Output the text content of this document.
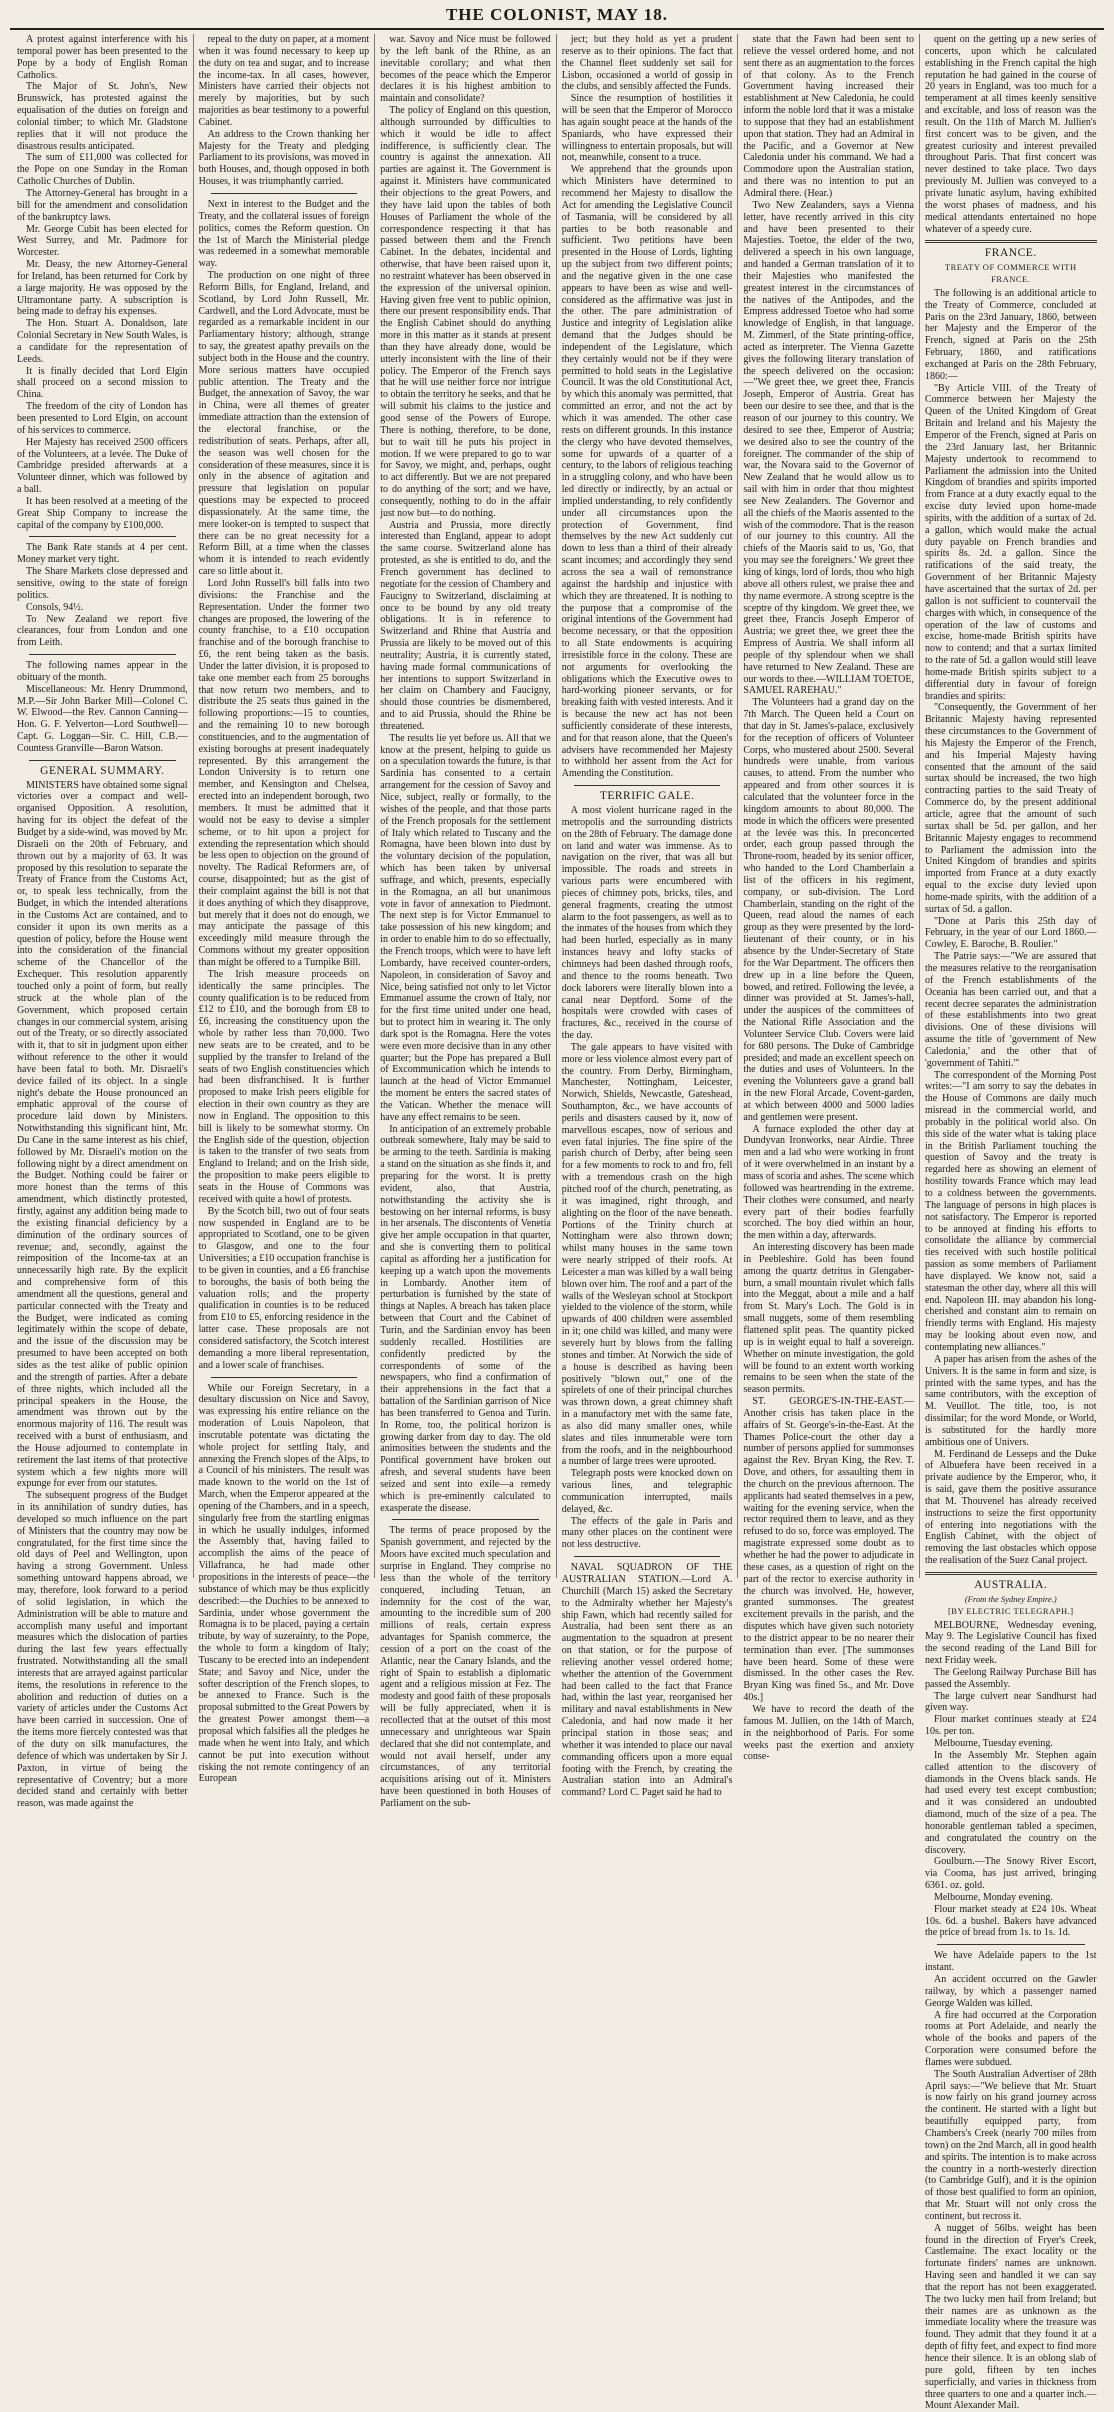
THE COLONIST, MAY 18.

A protest against interference with his temporal power has been presented to the Pope by a body of English Roman Catholics.

The Major of St. John's, New Brunswick, has protested against the equalisation of the duties on foreign and colonial timber; to which Mr. Gladstone replies that it will not produce the disastrous results anticipated.

The sum of £11,000 was collected for the Pope on one Sunday in the Roman Catholic Churches of Dublin.

The Attorney-General has brought in a bill for the amendment and consolidation of the bankruptcy laws.

Mr. George Cubit has been elected for West Surrey, and Mr. Padmore for Worcester.

Mr. Deasy, the new Attorney-General for Ireland, has been returned for Cork by a large majority. He was opposed by the Ultramontane party. A subscription is being made to defray his expenses.

The Hon. Stuart A. Donaldson, late Colonial Secretary in New South Wales, is a candidate for the representation of Leeds.

It is finally decided that Lord Elgin shall proceed on a second mission to China.

The freedom of the city of London has been presented to Lord Elgin, on account of his services to commerce.

Her Majesty has received 2500 officers of the Volunteers, at a levée. The Duke of Cambridge presided afterwards at a Volunteer dinner, which was followed by a ball.

It has been resolved at a meeting of the Great Ship Company to increase the capital of the company by £100,000.

The Bank Rate stands at 4 per cent. Money market very tight.

The Share Markets close depressed and sensitive, owing to the state of foreign politics.

Consols, 94½.

To New Zealand we report five clearances, four from London and one from Leith.

The following names appear in the obituary of the month.

Miscellaneous: Mr. Henry Drummond, M.P.—Sir John Barker Mill—Colonel C. W. Elwood—the Rev. Cannon Canning—Hon. G. F. Yelverton—Lord Southwell—Capt. G. Loggan—Sir. C. Hill, C.B.—Countess Granville—Baron Watson.

GENERAL SUMMARY.

MINISTERS have obtained some signal victories over a compact and well-organised Opposition. A resolution, having for its object the defeat of the Budget by a side-wind, was moved by Mr. Disraeli on the 20th of February, and thrown out by a majority of 63. It was proposed by this resolution to separate the Treaty of France from the Customs Act, or, to speak less technically, from the Budget, in which the intended alterations in the Customs Act are contained, and to consider it upon its own merits as a question of policy, before the House went into the consideration of the financial scheme of the Chancellor of the Exchequer. This resolution apparently touched only a point of form, but really struck at the whole plan of the Government, which proposed certain changes in our commercial system, arising out of the Treaty, or so directly associated with it, that to sit in judgment upon either without reference to the other it would have been fatal to both. Mr. Disraeli's device failed of its object. In a single night's debate the House pronounced an emphatic approval of the course of procedure laid down by Ministers. Notwithstanding this significant hint, Mr. Du Cane in the same interest as his chief, followed by Mr. Disraeli's motion on the following night by a direct amendment on the Budget. Nothing could be fairer or more honest than the terms of this amendment, which distinctly protested, firstly, against any addition being made to the existing financial deficiency by a diminution of the ordinary sources of revenue; and, secondly, against the reimposition of the Income-tax at an unnecessarily high rate. By the explicit and comprehensive form of this amendment all the questions, general and particular connected with the Treaty and the Budget, were indicated as coming legitimately within the scope of debate, and the issue of the discussion may be presumed to have been accepted on both sides as the test alike of public opinion and the strength of parties. After a debate of three nights, which included all the principal speakers in the House, the amendment was thrown out by the enormous majority of 116. The result was received with a burst of enthusiasm, and the House adjourned to contemplate in retirement the last items of that protective system which a few nights more will expunge for ever from our statutes.

The subsequent progress of the Budget in its annihilation of sundry duties, has developed so much influence on the part of Ministers that the country may now be congratulated, for the first time since the old days of Peel and Wellington, upon having a strong Government. Unless something untoward happens abroad, we may, therefore, look forward to a period of solid legislation, in which the Administration will be able to mature and accomplish many useful and important measures which the dislocation of parties during the last few years effectually frustrated. Notwithstanding all the small interests that are arrayed against particular items, the resolutions in reference to the abolition and reduction of duties on a variety of articles under the Customs Act have been carried in succession. One of the items more fiercely contested was that of the duty on silk manufactures, the defence of which was undertaken by Sir J. Paxton, in virtue of being the representative of Coventry; but a more decided stand and certainly with better reason, was made against the

repeal to the duty on paper, at a moment when it was found necessary to keep up the duty on tea and sugar, and to increase the income-tax. In all cases, however, Ministers have carried their objects not merely by majorities, but by such majorities as bear testimony to a powerful Cabinet.

An address to the Crown thanking her Majesty for the Treaty and pledging Parliament to its provisions, was moved in both Houses, and, though opposed in both Houses, it was triumphantly carried.

Next in interest to the Budget and the Treaty, and the collateral issues of foreign politics, comes the Reform question. On the 1st of March the Ministerial pledge was redeemed in a somewhat memorable way.

The production on one night of three Reform Bills, for England, Ireland, and Scotland, by Lord John Russell, Mr. Cardwell, and the Lord Advocate, must be regarded as a remarkable incident in our Parliamentary history; although, strange to say, the greatest apathy prevails on the subject both in the House and the country. More serious matters have occupied public attention. The Treaty and the Budget, the annexation of Savoy, the war in China, were all themes of greater immediate attraction than the extension of the electoral franchise, or the redistribution of seats. Perhaps, after all, the season was well chosen for the consideration of these measures, since it is only in the absence of agitation and pressure that legislation on popular questions may be expected to proceed dispassionately. At the same time, the mere looker-on is tempted to suspect that there can be no great necessity for a Reform Bill, at a time when the classes whom it is intended to reach evidently care so little about it.

Lord John Russell's bill falls into two divisions: the Franchise and the Representation. Under the former two changes are proposed, the lowering of the county franchise, to a £10 occupation franchise and of the borough franchise to £6, the rent being taken as the basis. Under the latter division, it is proposed to take one member each from 25 boroughs that now return two members, and to distribute the 25 seats thus gained in the following proportions:—15 to counties, and the remaining 10 to new borough constituencies, and to the augmentation of existing boroughs at present inadequately represented. By this arrangement the London University is to return one member, and Kensington and Chelsea, erected into an independent borough, two members. It must be admitted that it would not be easy to devise a simpler scheme, or to hit upon a project for extending the representation which should be less open to objection on the ground of novelty. The Radical Reformers are, of course, disappointed; but as the gist of their complaint against the bill is not that it does anything of which they disapprove, but merely that it does not do enough, we may anticipate the passage of this exceedingly mild measure through the Commons without my greater opposition than might be offered to a Turnpike Bill.

The Irish measure proceeds on identically the same principles. The county qualification is to be reduced from £12 to £10, and the borough from £8 to £6, increasing the constituency upon the whole by rather less than 70,000. Two new seats are to be created, and to be supplied by the transfer to Ireland of the seats of two English constituencies which had been disfranchised. It is further proposed to make Irish peers eligible for election in their own country as they are now in England. The opposition to this bill is likely to be somewhat stormy. On the English side of the question, objection is taken to the transfer of two seats from England to Ireland; and on the Irish side, the proposition to make peers eligible to seats in the House of Commons was received with quite a howl of protests.

By the Scotch bill, two out of four seats now suspended in England are to be appropriated to Scotland, one to be given to Glasgow, and one to the four Universities; a £10 occupation franchise is to be given in counties, and a £6 franchise to boroughs, the basis of both being the valuation rolls; and the property qualification in counties is to be reduced from £10 to £5, enforcing residence in the latter case. These proposals are not considered satisfactory, the Scotch interest demanding a more liberal representation, and a lower scale of franchises.

While our Foreign Secretary, in a desultary discussion on Nice and Savoy, was expressing his entire reliance on the moderation of Louis Napoleon, that inscrutable potentate was dictating the whole project for settling Italy, and annexing the French slopes of the Alps, to a Council of his ministers. The result was made known to the world on the 1st of March, when the Emperor appeared at the opening of the Chambers, and in a speech, singularly free from the startling enigmas in which he usually indulges, informed the Assembly that, having failed to accomplish the aims of the peace of Villafranca, he had made other propositions in the interests of peace—the substance of which may be thus explicitly described:—the Duchies to be annexed to Sardinia, under whose government the Romagna is to be placed, paying a certain tribute, by way of suzerainty, to the Pope, the whole to form a kingdom of Italy; Tuscany to be erected into an independent State; and Savoy and Nice, under the softer description of the French slopes, to be annexed to France. Such is the proposal submitted to the Great Powers by the greatest Power amongst them—a proposal which falsifies all the pledges he made when he went into Italy, and which cannot be put into execution without risking the not remote contingency of an European

war. Savoy and Nice must be followed by the left bank of the Rhine, as an inevitable corollary; and what then becomes of the peace which the Emperor declares it is his highest ambition to maintain and consolidate?

The policy of England on this question, although surrounded by difficulties to which it would be idle to affect indifference, is sufficiently clear. The country is against the annexation. All parties are against it. The Government is against it. Ministers have communicated their objections to the great Powers, and they have laid upon the tables of both Houses of Parliament the whole of the correspondence respecting it that has passed between them and the French Cabinet. In the debates, incidental and otherwise, that have been raised upon it, no restraint whatever has been observed in the expression of the universal opinion. Having given free vent to public opinion, there our present responsibility ends. That the English Cabinet should do anything more in this matter as it stands at present than they have already done, would be utterly inconsistent with the line of their policy. The Emperor of the French says that he will use neither force nor intrigue to obtain the territory he seeks, and that he will submit his claims to the justice and good sense of the Powers of Europe. There is nothing, therefore, to be done, but to wait till he puts his project in motion. If we were prepared to go to war for Savoy, we might, and, perhaps, ought to act differently. But we are not prepared to do anything of the sort; and we have, consequently, nothing to do in the affair just now but—to do nothing.

Austria and Prussia, more directly interested than England, appear to adopt the same course. Switzerland alone has protested, as she is entitled to do, and the French government has declined to negotiate for the cession of Chambery and Faucigny to Switzerland, disclaiming at once to be bound by any old treaty obligations. It is in reference to Switzerland and Rhine that Austria and Prussia are likely to be moved out of this neutrality; Austria, it is currently stated, having made formal communications of her intentions to support Switzerland in her claim on Chambery and Faucigny, should those countries be dismembered, and to aid Prussia, should the Rhine be threatened.

The results lie yet before us. All that we know at the present, helping to guide us on a speculation towards the future, is that Sardinia has consented to a certain arrangement for the cession of Savoy and Nice, subject, really or formally, to the wishes of the people, and that those parts of the French proposals for the settlement of Italy which related to Tuscany and the Romagna, have been blown into dust by the voluntary decision of the population, which has been taken by universal suffrage, and which, presents, especially in the Romagna, an all but unanimous vote in favor of annexation to Piedmont. The next step is for Victor Emmanuel to take possession of his new kingdom; and in order to enable him to do so effectually, the French troops, which were to have left Lombardy, have received counter-orders, Napoleon, in consideration of Savoy and Nice, being satisfied not only to let Victor Emmanuel assume the crown of Italy, nor for the first time united under one head, but to protect him in wearing it. The only dark spot is the Romagna. Here the votes were even more decisive than in any other quarter; but the Pope has prepared a Bull of Excommunication which he intends to launch at the head of Victor Emmanuel the moment he enters the sacred states of the Vatican. Whether the menace will have any effect remains to be seen.

In anticipation of an extremely probable outbreak somewhere, Italy may be said to be arming to the teeth. Sardinia is making a stand on the situation as she finds it, and preparing for the worst. It is pretty evident, also, that Austria, notwithstanding the activity she is bestowing on her internal reforms, is busy in her arsenals. The discontents of Venetia give her ample occupation in that quarter, and she is converting them to political capital as affording her a justification for keeping up a watch upon the movements in Lombardy. Another item of perturbation is furnished by the state of things at Naples. A breach has taken place between that Court and the Cabinet of Turin, and the Sardinian envoy has been suddenly recalled. Hostilities are confidently predicted by the correspondents of some of the newspapers, who find a confirmation of their apprehensions in the fact that a battalion of the Sardinian garrison of Nice has been transferred to Genoa and Turin. In Rome, too, the political horizon is growing darker from day to day. The old animosities between the students and the Pontifical government have broken out afresh, and several students have been seized and sent into exile—a remedy which is pre-eminently calculated to exasperate the disease.

The terms of peace proposed by the Spanish government, and rejected by the Moors have excited much speculation and surprise in England. They comprise no less than the whole of the territory conquered, including Tetuan, an indemnity for the cost of the war, amounting to the incredible sum of 200 millions of reals, certain express advantages for Spanish commerce, the cession of a port on the coast of the Atlantic, near the Canary Islands, and the right of Spain to establish a diplomatic agent and a religious mission at Fez. The modesty and good faith of these proposals will be fully appreciated, when it is recollected that at the outset of this most unnecessary and unrighteous war Spain declared that she did not contemplate, and would not avail herself, under any circumstances, of any territorial acquisitions arising out of it. Ministers have been questioned in both Houses of Parliament on the sub-

ject; but they hold as yet a prudent reserve as to their opinions. The fact that the Channel fleet suddenly set sail for Lisbon, occasioned a world of gossip in the clubs, and sensibly affected the Funds.

Since the resumption of hostilities it will be seen that the Emperor of Morocco has again sought peace at the hands of the Spaniards, who have expressed their willingness to entertain proposals, but will not, meanwhile, consent to a truce.

We apprehend that the grounds upon which Ministers have determined to recommend her Majesty to disallow the Act for amending the Legislative Council of Tasmania, will be considered by all parties to be both reasonable and sufficient. Two petitions have been presented in the House of Lords, lighting up the subject from two different points; and the negative given in the one case appears to have been as wise and well-considered as the affirmative was just in the other. The pare administration of Justice and integrity of Legislation alike demand that the Judges should be independent of the Legislature, which they certainly would not be if they were permitted to hold seats in the Legislative Council. It was the old Constitutional Act, by which this anomaly was permitted, that committed an error, and not the act by which it was amended. The other case rests on different grounds. In this instance the clergy who have devoted themselves, some for upwards of a quarter of a century, to the labors of religious teaching in a struggling colony, and who have been led directly or indirectly, by an actual or implied understanding, to rely confidently under all circumstances upon the protection of Government, find themselves by the new Act suddenly cut down to less than a third of their already scant incomes; and accordingly they send across the sea a wail of remonstrance against the hardship and injustice with which they are threatened. It is nothing to the purpose that a compromise of the original intentions of the Government had become necessary, or that the opposition to all State endowments is acquiring irresistible force in the colony. These are not arguments for overlooking the obligations which the Executive owes to hard-working pioneer servants, or for breaking faith with vested interests. And it is because the new act has not been sufficiently considerate of these interests, and for that reason alone, that the Queen's advisers have recommended her Majesty to withhold her assent from the Act for Amending the Constitution.

TERRIFIC GALE.

A most violent hurricane raged in the metropolis and the surrounding districts on the 28th of February. The damage done on land and water was immense. As to navigation on the river, that was all but impossible. The roads and streets in various parts were encumbered with pieces of chimney pots, bricks, tiles, and general fragments, creating the utmost alarm to the foot passengers, as well as to the inmates of the houses from which they had been hurled, especially as in many instances heavy and lofty stacks of chimneys had been dashed through roofs, and thence to the rooms beneath. Two dock laborers were literally blown into a canal near Deptford. Some of the hospitals were crowded with cases of fractures, &c., received in the course of the day.

The gale appears to have visited with more or less violence almost every part of the country. From Derby, Birmingham, Manchester, Nottingham, Leicester, Norwich, Shields, Newcastle, Gateshead, Southampton, &c., we have accounts of perils and disasters caused by it, now of marvellous escapes, now of serious and even fatal injuries. The fine spire of the parish church of Derby, after being seen for a few moments to rock to and fro, fell with a tremendous crash on the high pitched roof of the church, penetrating, as it was imagined, right through, and alighting on the floor of the nave beneath. Portions of the Trinity church at Nottingham were also thrown down; whilst many houses in the same town were nearly stripped of their roofs. At Leicester a man was killed by a wall being blown over him. The roof and a part of the walls of the Wesleyan school at Stockport yielded to the violence of the storm, while upwards of 400 children were assembled in it; one child was killed, and many were severely hurt by blows from the falling stones and timber. At Norwich the side of a house is described as having been positively "blown out," one of the spirelets of one of their principal churches was thrown down, a great chimney shaft in a manufactory met with the same fate, as also did many smaller ones, while slates and tiles innumerable were torn from the roofs, and in the neighbourhood a number of large trees were uprooted.

Telegraph posts were knocked down on various lines, and telegraphic communication interrupted, mails delayed, &c.

The effects of the gale in Paris and many other places on the continent were not less destructive.

NAVAL SQUADRON OF THE AUSTRALIAN STATION.—Lord A. Churchill (March 15) asked the Secretary to the Admiralty whether her Majesty's ship Fawn, which had recently sailed for Australia, had been sent there as an augmentation to the squadron at present on that station, or for the purpose of relieving another vessel ordered home; whether the attention of the Government had been called to the fact that France had, within the last year, reorganised her military and naval establishments in New Caledonia, and had now made it her principal station in those seas; and whether it was intended to place our naval commanding officers upon a more equal footing with the French, by creating the Australian station into an Admiral's command? Lord C. Paget said he had to

state that the Fawn had been sent to relieve the vessel ordered home, and not sent there as an augmentation to the forces of that colony. As to the French Government having increased their establishment at New Caledonia, he could inform the noble lord that it was a mistake to suppose that they had an establishment upon that station. They had an Admiral in the Pacific, and a Governor at New Caledonia under his command. We had a Commodore upon the Australian station, and there was no intention to put an Admiral there. (Hear.)

Two New Zealanders, says a Vienna letter, have recently arrived in this city and have been presented to their Majesties. Toetoe, the elder of the two, delivered a speech in his own language, and handed a German translation of it to their Majesties who manifested the greatest interest in the circumstances of the natives of the Antipodes, and the Empress addressed Toetoe who had some knowledge of English, in that language. M. Zimmerl, of the State printing-office, acted as interpreter. The Vienna Gazette gives the following literary translation of the speech delivered on the occasion:—"We greet thee, we greet thee, Francis Joseph, Emperor of Austria. Great has been our desire to see thee, and that is the reason of our journey to this country. We desired to see thee, Emperor of Austria; we desired also to see the country of the foreigner. The commander of the ship of war, the Novara said to the Governor of New Zealand that he would allow us to sail with him in order that thou mightest see New Zealanders. The Governor and all the chiefs of the Maoris assented to the wish of the commodore. That is the reason of our journey to this country. All the chiefs of the Maoris said to us, 'Go, that you may see the foreigners.' We greet thee king of kings, lord of lords, thou who high above all others rulest, we praise thee and thy name evermore. A strong sceptre is the sceptre of thy kingdom. We greet thee, we greet thee, Francis Joseph Emperor of Austria; we greet thee, we greet thee the Empress of Austria. We shall inform all people of thy splendour when we shall have returned to New Zealand. These are our words to thee.—WILLIAM TOETOE, SAMUEL RAREHAU."

The Volunteers had a grand day on the 7th March. The Queen held a Court on that day in St. James's-palace, exclusively for the reception of officers of Volunteer Corps, who mustered about 2500. Several hundreds were unable, from various causes, to attend. From the number who appeared and from other sources it is calculated that the volunteer force in the kingdom amounts to about 80,000. The mode in which the officers were presented at the levée was this. In preconcerted order, each group passed through the Throne-room, headed by its senior officer, who handed to the Lord Chamberlain a list of the officers in his regiment, company, or sub-division. The Lord Chamberlain, standing on the right of the Queen, read aloud the names of each group as they were presented by the lord-lieutenant of their county, or in his absence by the Under-Secretary of State for the War Department. The officers then drew up in a line before the Queen, bowed, and retired. Following the levée, a dinner was provided at St. James's-hall, under the auspices of the committees of the National Rifle Association and the Volunteer Service Club. Covers were laid for 680 persons. The Duke of Cambridge presided; and made an excellent speech on the duties and uses of Volunteers. In the evening the Volunteers gave a grand ball in the new Floral Arcade, Covent-garden, at which between 4000 and 5000 ladies and gentlemen were present.

A furnace exploded the other day at Dundyvan Ironworks, near Airdie. Three men and a lad who were working in front of it were overwhelmed in an instant by a mass of scoria and ashes. The scene which followed was heartrending in the extreme. Their clothes were consumed, and nearly every part of their bodies fearfully scorched. The boy died within an hour, the men within a day, afterwards.

An interesting discovery has been made in Peebleshire. Gold has been found among the quartz detritus in Glengaber-burn, a small mountain rivulet which falls into the Meggat, about a mile and a half from St. Mary's Loch. The Gold is in small nuggets, some of them resembling flattened split peas. The quantity picked up is in weight equal to half a sovereign. Whether on minute investigation, the gold will be found to an extent worth working remains to be seen when the state of the season permits.

ST. GEORGE'S-IN-THE-EAST.—Another crisis has taken place in the affairs of St. George's-in-the-East. At the Thames Police-court the other day a number of persons applied for summonses against the Rev. Bryan King, the Rev. T. Dove, and others, for assaulting them in the church on the previous afternoon. The applicants had seated themselves in a pew, waiting for the evening service, when the rector required them to leave, and as they refused to do so, force was employed. The magistrate expressed some doubt as to whether he had the power to adjudicate in these cases, as a question of right on the part of the rector to exercise authority in the church was involved. He, however, granted summonses. The greatest excitement prevails in the parish, and the disputes which have given such notoriety to the district appear to be no nearer their termination than ever. [The summonses have been heard. Some of these were dismissed. In the other cases the Rev. Bryan King was fined 5s., and Mr. Dove 40s.]

We have to record the death of the famous M. Jullien, on the 14th of March, in the neighborhood of Paris. For some weeks past the exertion and anxiety conse-

quent on the getting up a new series of concerts, upon which he calculated establishing in the French capital the high reputation he had gained in the course of 20 years in England, was too much for a temperament at all times keenly sensitive and excitable, and loss of reason was the result. On the 11th of March M. Jullien's first concert was to be given, and the greatest curiosity and interest prevailed throughout Paris. That first concert was never destined to take place. Two days previously M. Jullien was conveyed to a private lunatic asylum, having exhibited the worst phases of madness, and his medical attendants entertained no hope whatever of a speedy cure.

FRANCE.
TREATY OF COMMERCE WITH FRANCE.

The following is an additional article to the Treaty of Commerce, concluded at Paris on the 23rd January, 1860, between her Majesty and the Emperor of the French, signed at Paris on the 25th February, 1860, and ratifications exchanged at Paris on the 28th February, 1860:—

"By Article VIII. of the Treaty of Commerce between her Majesty the Queen of the United Kingdom of Great Britain and Ireland and his Majesty the Emperor of the French, signed at Paris on the 23rd January last, her Britannic Majesty undertook to recommend to Parliament the admission into the United Kingdom of brandies and spirits imported from France at a duty exactly equal to the excise duty levied upon home-made spirits, with the addition of a surtax of 2d. a gallon, which would make the actual duty payable on French brandies and spirits 8s. 2d. a gallon. Since the ratifications of the said treaty, the Government of her Britannic Majesty have ascertained that the surtax of 2d. per gallon is not sufficient to countervail the charges with which, in consequence of the operation of the law of customs and excise, home-made British spirits have now to contend; and that a surtax limited to the rate of 5d. a gallon would still leave home-made British spirits subject to a differential duty in favour of foreign brandies and spirits:

"Consequently, the Government of her Britannic Majesty having represented these circumstances to the Government of his Majesty the Emperor of the French, and his Imperial Majesty having consented that the amount of the said surtax should be increased, the two high contracting parties to the said Treaty of Commerce do, by the present additional article, agree that the amount of such surtax shall be 5d. per gallon, and her Britannic Majesty engages to recommend to Parliament the admission into the United Kingdom of brandies and spirits imported from France at a duty exactly equal to the excise duty levied upon home-made spirits, with the addition of a surtax of 5d. a gallon.

"Done at Paris this 25th day of February, in the year of our Lord 1860.—Cowley, E. Baroche, B. Roulier."

The Patrie says:—"We are assured that the measures relative to the reorganisation of the French establishments of the Oceania has been carried out, and that a recent decree separates the administration of these establishments into two great divisions. One of these divisions will assume the title of 'government of New Caledonia,' and the other that of 'government of Tahiti.'"

The correspondent of the Morning Post writes:—"I am sorry to say the debates in the House of Commons are daily much misread in the commercial world, and probably in the political world also. On this side of the water what is taking place in the British Parliament touching the question of Savoy and the treaty is regarded here as showing an element of hostility towards France which may lead to a coldness between the governments. The language of persons in high places is not satisfactory. The Emperor is reported to be annoyed at finding his efforts to consolidate the alliance by commercial ties received with such hostile political passion as some members of Parliament have displayed. We know not, said a statesman the other day, where all this will end. Napoleon III. may abandon his long-cherished and constant aim to remain on friendly terms with England. His majesty may be looking about even now, and contemplating new alliances."

A paper has arisen from the ashes of the Univers. It is the same in form and size, is printed with the same types, and has the same contributors, with the exception of M. Veuillot. The title, too, is not dissimilar; for the word Monde, or World, is substituted for the hardly more ambitious one of Univers.

M. Ferdinand de Lesseps and the Duke of Albuefera have been received in a private audience by the Emperor, who, it is said, gave them the positive assurance that M. Thouvenel has already received instructions to seize the first opportunity of entering into negotiations with the English Cabinet, with the object of removing the last obstacles which oppose the realisation of the Suez Canal project.

AUSTRALIA.
(From the Sydney Empire.)
[BY ELECTRIC TELEGRAPH.]

MELBOURNE, Wednesday evening, May 9. The Legislative Council has fixed the second reading of the Land Bill for next Friday week.

The Geelong Railway Purchase Bill has passed the Assembly.

The large culvert near Sandhurst had given way.

Flour market continues steady at £24 10s. per ton.

Melbourne, Tuesday evening.

In the Assembly Mr. Stephen again called attention to the discovery of diamonds in the Ovens black sands. He had used every test except combustion; and it was considered an undoubted diamond, much of the size of a pea. The honorable gentleman tabled a specimen, and congratulated the country on the discovery.

Goulburn.—The Snowy River Escort, via Cooma, has just arrived, bringing 6361. oz. gold.

Melbourne, Monday evening.

Flour market steady at £24 10s. Wheat 10s. 6d. a bushel. Bakers have advanced the price of bread from 1s. to 1s. 1d.

We have Adelaide papers to the 1st instant.

An accident occurred on the Gawler railway, by which a passenger named George Walden was killed.

A fire had occurred at the Corporation rooms at Port Adelaide, and nearly the whole of the books and papers of the Corporation were consumed before the flames were subdued.

The South Australian Advertiser of 28th April says:—"We believe that Mr. Stuart is now fairly on his grand journey across the continent. He started with a light but beautifully equipped party, from Chambers's Creek (nearly 700 miles from town) on the 2nd March, all in good health and spirits. The intention is to make across the country in a north-westerly direction (to Cambridge Gulf), and it is the opinion of those best qualified to form an opinion, that Mr. Stuart will not only cross the continent, but recross it.

A nugget of 56lbs. weight has been found in the direction of Fryer's Creek, Castlemaine. The exact locality or the fortunate finders' names are unknown. Having seen and handled it we can say that the report has not been exaggerated. The two lucky men hail from Ireland; but their names are as unknown as the immediate locality where the treasure was found. They admit that they found it at a depth of fifty feet, and expect to find more hence their silence. It is an oblong slab of pure gold, fifteen by ten inches superficially, and varies in thickness from three quarters to one and a quarter inch.—Mount Alexander Mail.
